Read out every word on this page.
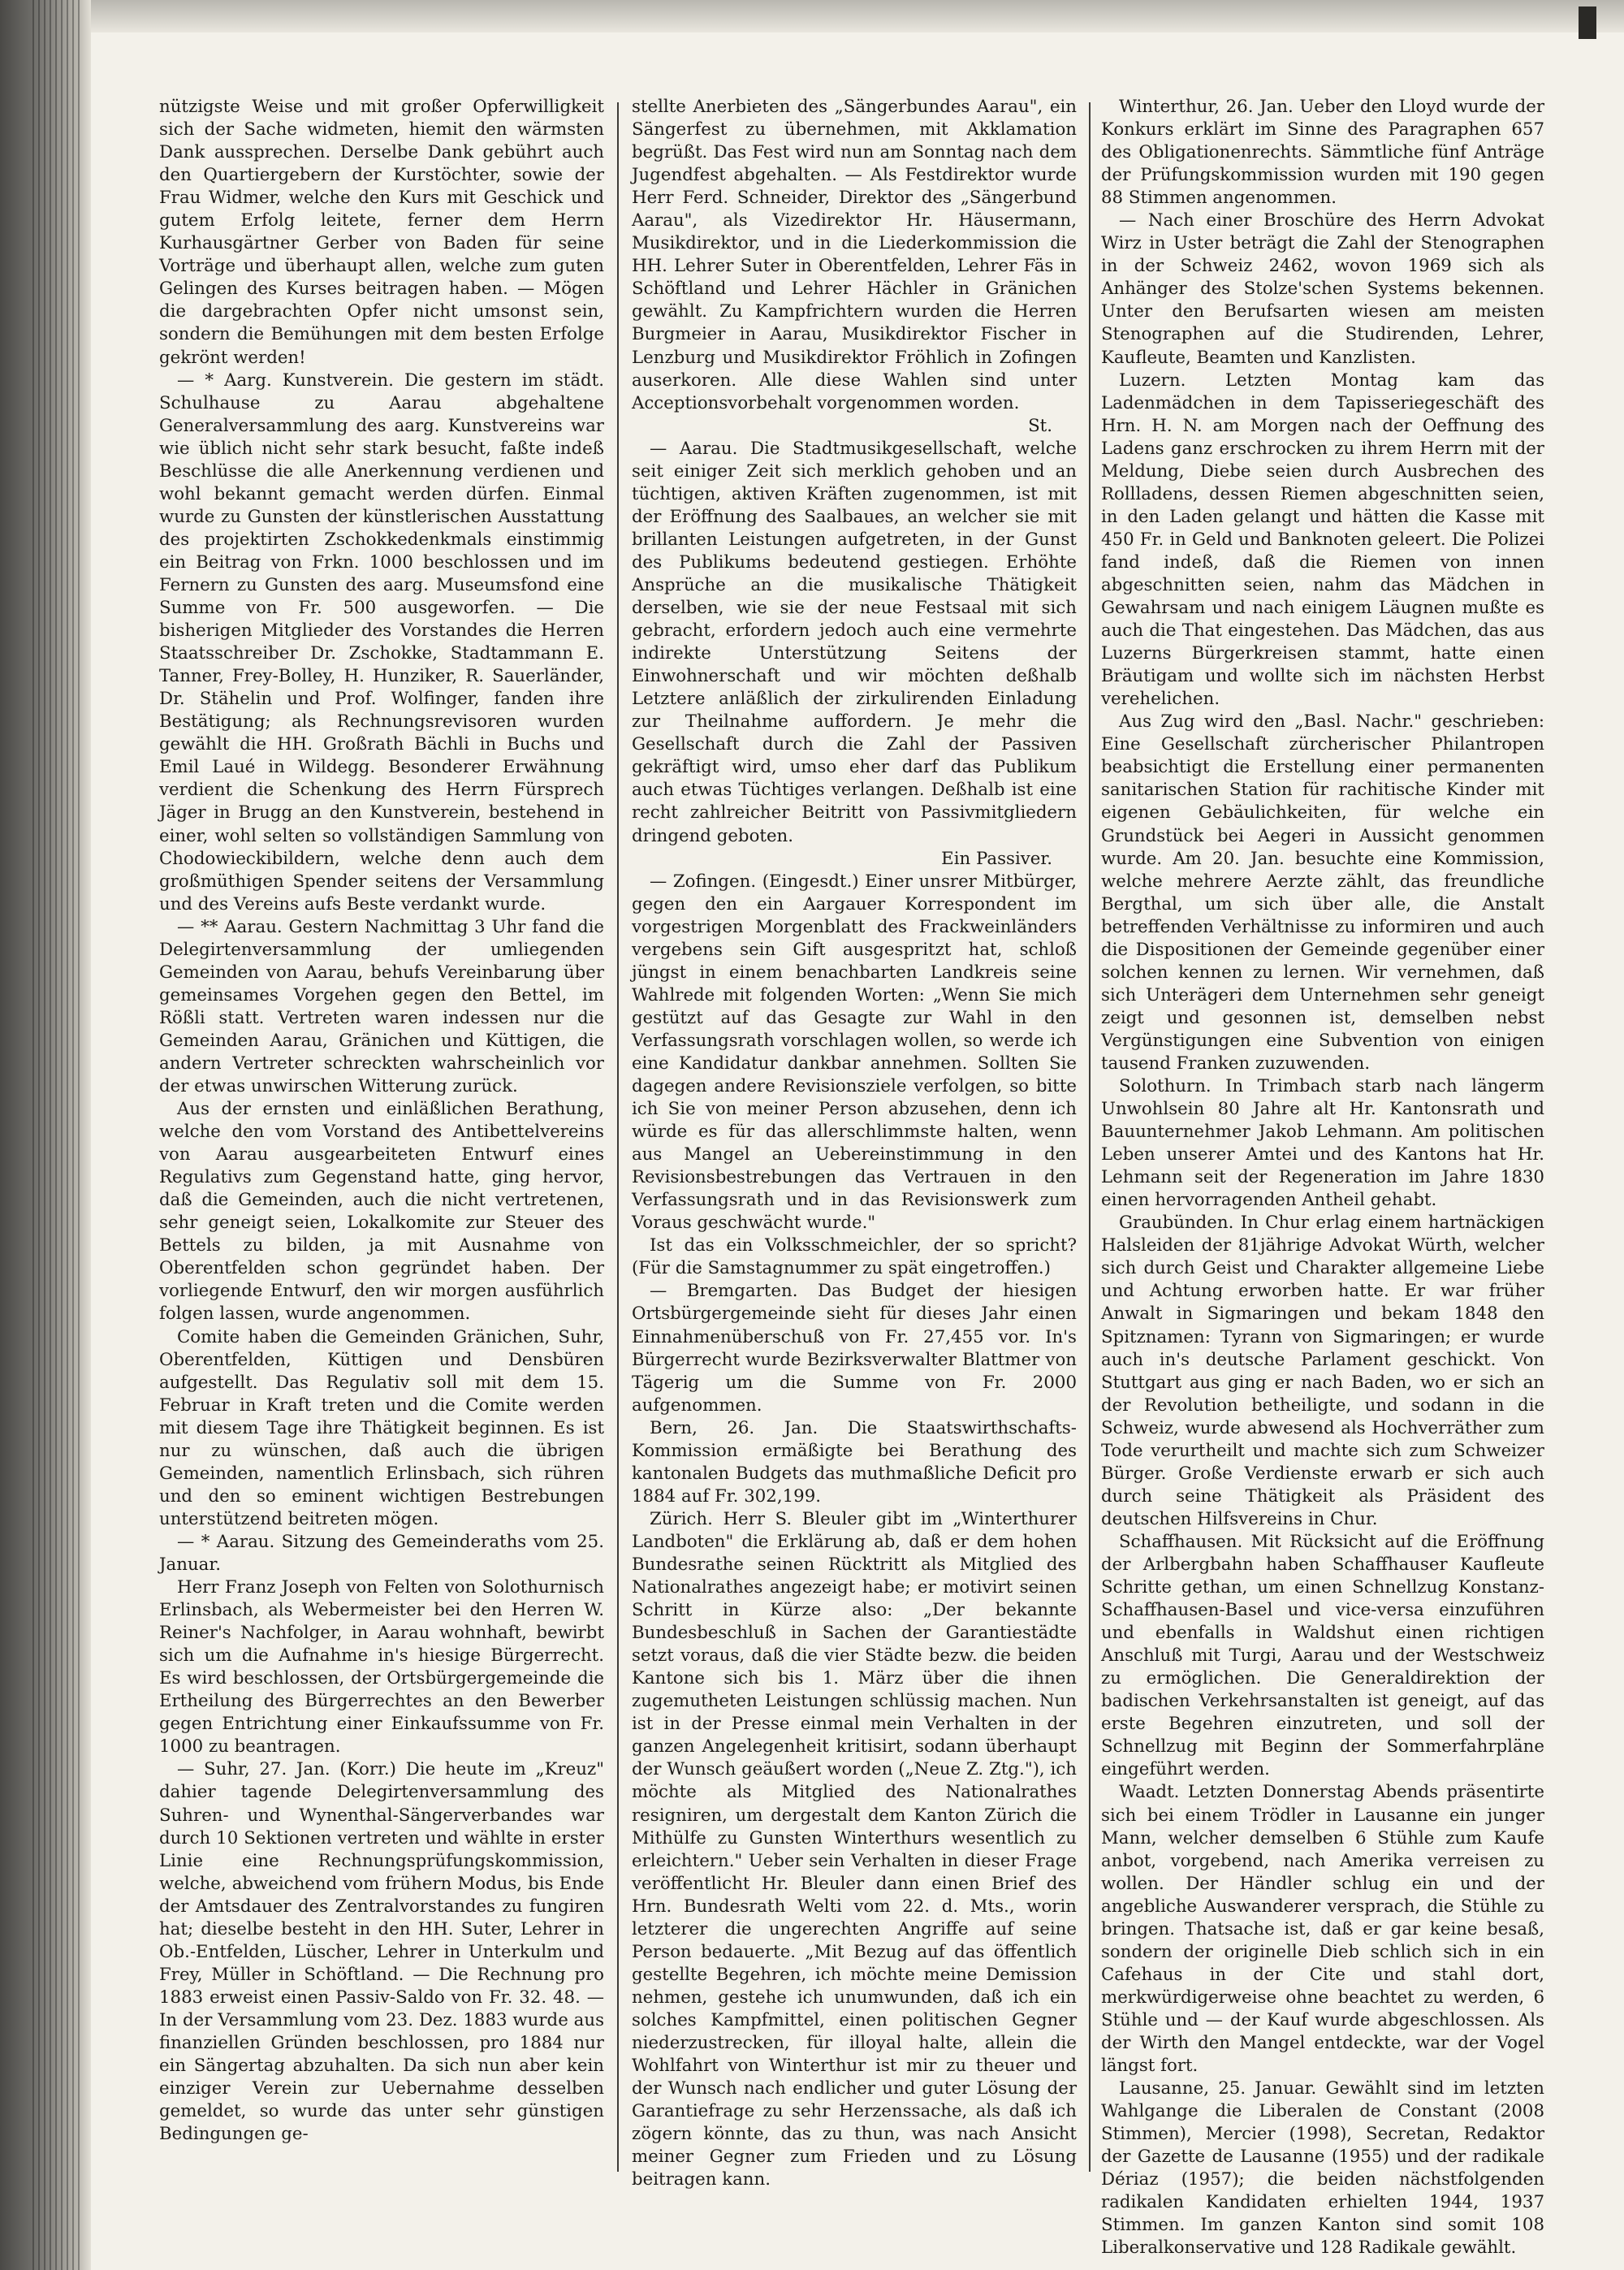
nützigste Weise und mit großer Opferwilligkeit sich der Sache widmeten, hiemit den wärmsten Dank aussprechen. Derselbe Dank gebührt auch den Quartiergebern der Kurstöchter, sowie der Frau Widmer, welche den Kurs mit Geschick und gutem Erfolg leitete, ferner dem Herrn Kurhausgärtner Gerber von Baden für seine Vorträge und überhaupt allen, welche zum guten Gelingen des Kurses beitragen haben. — Mögen die dargebrachten Opfer nicht umsonst sein, sondern die Bemühungen mit dem besten Erfolge gekrönt werden!

— * Aarg. Kunstverein. Die gestern im städt. Schulhause zu Aarau abgehaltene Generalversammlung des aarg. Kunstvereins war wie üblich nicht sehr stark besucht, faßte indeß Beschlüsse die alle Anerkennung verdienen und wohl bekannt gemacht werden dürfen. Einmal wurde zu Gunsten der künstlerischen Ausstattung des projektirten Zschokkedenkmals einstimmig ein Beitrag von Frkn. 1000 beschlossen und im Fernern zu Gunsten des aarg. Museumsfond eine Summe von Fr. 500 ausgeworfen. — Die bisherigen Mitglieder des Vorstandes die Herren Staatsschreiber Dr. Zschokke, Stadtammann E. Tanner, Frey-Bolley, H. Hunziker, R. Sauerländer, Dr. Stähelin und Prof. Wolfinger, fanden ihre Bestätigung; als Rechnungsrevisoren wurden gewählt die HH. Großrath Bächli in Buchs und Emil Laué in Wildegg. Besonderer Erwähnung verdient die Schenkung des Herrn Fürsprech Jäger in Brugg an den Kunstverein, bestehend in einer, wohl selten so vollständigen Sammlung von Chodowieckibildern, welche denn auch dem großmüthigen Spender seitens der Versammlung und des Vereins aufs Beste verdankt wurde.

— ** Aarau. Gestern Nachmittag 3 Uhr fand die Delegirtenversammlung der umliegenden Gemeinden von Aarau, behufs Vereinbarung über gemeinsames Vorgehen gegen den Bettel, im Rößli statt. Vertreten waren indessen nur die Gemeinden Aarau, Gränichen und Küttigen, die andern Vertreter schreckten wahrscheinlich vor der etwas unwirschen Witterung zurück.

Aus der ernsten und einläßlichen Berathung, welche den vom Vorstand des Antibettelvereins von Aarau ausgearbeiteten Entwurf eines Regulativs zum Gegenstand hatte, ging hervor, daß die Gemeinden, auch die nicht vertretenen, sehr geneigt seien, Lokalkomite zur Steuer des Bettels zu bilden, ja mit Ausnahme von Oberentfelden schon gegründet haben. Der vorliegende Entwurf, den wir morgen ausführlich folgen lassen, wurde angenommen.

Comite haben die Gemeinden Gränichen, Suhr, Oberentfelden, Küttigen und Densbüren aufgestellt. Das Regulativ soll mit dem 15. Februar in Kraft treten und die Comite werden mit diesem Tage ihre Thätigkeit beginnen. Es ist nur zu wünschen, daß auch die übrigen Gemeinden, namentlich Erlinsbach, sich rühren und den so eminent wichtigen Bestrebungen unterstützend beitreten mögen.

— * Aarau. Sitzung des Gemeinderaths vom 25. Januar.

Herr Franz Joseph von Felten von Solothurnisch Erlinsbach, als Webermeister bei den Herren W. Reiner's Nachfolger, in Aarau wohnhaft, bewirbt sich um die Aufnahme in's hiesige Bürgerrecht. Es wird beschlossen, der Ortsbürgergemeinde die Ertheilung des Bürgerrechtes an den Bewerber gegen Entrichtung einer Einkaufssumme von Fr. 1000 zu beantragen.

— Suhr, 27. Jan. (Korr.) Die heute im „Kreuz" dahier tagende Delegirtenversammlung des Suhren- und Wynenthal-Sängerverbandes war durch 10 Sektionen vertreten und wählte in erster Linie eine Rechnungsprüfungskommission, welche, abweichend vom frühern Modus, bis Ende der Amtsdauer des Zentralvorstandes zu fungiren hat; dieselbe besteht in den HH. Suter, Lehrer in Ob.-Entfelden, Lüscher, Lehrer in Unterkulm und Frey, Müller in Schöftland. — Die Rechnung pro 1883 erweist einen Passiv-Saldo von Fr. 32. 48. — In der Versammlung vom 23. Dez. 1883 wurde aus finanziellen Gründen beschlossen, pro 1884 nur ein Sängertag abzuhalten. Da sich nun aber kein einziger Verein zur Uebernahme desselben gemeldet, so wurde das unter sehr günstigen Bedingungen ge-

stellte Anerbieten des „Sängerbundes Aarau", ein Sängerfest zu übernehmen, mit Akklamation begrüßt. Das Fest wird nun am Sonntag nach dem Jugendfest abgehalten. — Als Festdirektor wurde Herr Ferd. Schneider, Direktor des „Sängerbund Aarau", als Vizedirektor Hr. Häusermann, Musikdirektor, und in die Liederkommission die HH. Lehrer Suter in Oberentfelden, Lehrer Fäs in Schöftland und Lehrer Hächler in Gränichen gewählt. Zu Kampfrichtern wurden die Herren Burgmeier in Aarau, Musikdirektor Fischer in Lenzburg und Musikdirektor Fröhlich in Zofingen auserkoren. Alle diese Wahlen sind unter Acceptionsvorbehalt vorgenommen worden.

St.

— Aarau. Die Stadtmusikgesellschaft, welche seit einiger Zeit sich merklich gehoben und an tüchtigen, aktiven Kräften zugenommen, ist mit der Eröffnung des Saalbaues, an welcher sie mit brillanten Leistungen aufgetreten, in der Gunst des Publikums bedeutend gestiegen. Erhöhte Ansprüche an die musikalische Thätigkeit derselben, wie sie der neue Festsaal mit sich gebracht, erfordern jedoch auch eine vermehrte indirekte Unterstützung Seitens der Einwohnerschaft und wir möchten deßhalb Letztere anläßlich der zirkulirenden Einladung zur Theilnahme auffordern. Je mehr die Gesellschaft durch die Zahl der Passiven gekräftigt wird, umso eher darf das Publikum auch etwas Tüchtiges verlangen. Deßhalb ist eine recht zahlreicher Beitritt von Passivmitgliedern dringend geboten.

Ein Passiver.

— Zofingen. (Eingesdt.) Einer unsrer Mitbürger, gegen den ein Aargauer Korrespondent im vorgestrigen Morgenblatt des Frackweinländers vergebens sein Gift ausgespritzt hat, schloß jüngst in einem benachbarten Landkreis seine Wahlrede mit folgenden Worten: „Wenn Sie mich gestützt auf das Gesagte zur Wahl in den Verfassungsrath vorschlagen wollen, so werde ich eine Kandidatur dankbar annehmen. Sollten Sie dagegen andere Revisionsziele verfolgen, so bitte ich Sie von meiner Person abzusehen, denn ich würde es für das allerschlimmste halten, wenn aus Mangel an Uebereinstimmung in den Revisionsbestrebungen das Vertrauen in den Verfassungsrath und in das Revisionswerk zum Voraus geschwächt wurde."

Ist das ein Volksschmeichler, der so spricht? (Für die Samstagnummer zu spät eingetroffen.)

— Bremgarten. Das Budget der hiesigen Ortsbürgergemeinde sieht für dieses Jahr einen Einnahmenüberschuß von Fr. 27,455 vor. In's Bürgerrecht wurde Bezirksverwalter Blattmer von Tägerig um die Summe von Fr. 2000 aufgenommen.

Bern, 26. Jan. Die Staatswirthschafts-Kommission ermäßigte bei Berathung des kantonalen Budgets das muthmaßliche Deficit pro 1884 auf Fr. 302,199.

Zürich. Herr S. Bleuler gibt im „Winterthurer Landboten" die Erklärung ab, daß er dem hohen Bundesrathe seinen Rücktritt als Mitglied des Nationalrathes angezeigt habe; er motivirt seinen Schritt in Kürze also: „Der bekannte Bundesbeschluß in Sachen der Garantiestädte setzt voraus, daß die vier Städte bezw. die beiden Kantone sich bis 1. März über die ihnen zugemutheten Leistungen schlüssig machen. Nun ist in der Presse einmal mein Verhalten in der ganzen Angelegenheit kritisirt, sodann überhaupt der Wunsch geäußert worden („Neue Z. Ztg."), ich möchte als Mitglied des Nationalrathes resigniren, um dergestalt dem Kanton Zürich die Mithülfe zu Gunsten Winterthurs wesentlich zu erleichtern." Ueber sein Verhalten in dieser Frage veröffentlicht Hr. Bleuler dann einen Brief des Hrn. Bundesrath Welti vom 22. d. Mts., worin letzterer die ungerechten Angriffe auf seine Person bedauerte. „Mit Bezug auf das öffentlich gestellte Begehren, ich möchte meine Demission nehmen, gestehe ich unumwunden, daß ich ein solches Kampfmittel, einen politischen Gegner niederzustrecken, für illoyal halte, allein die Wohlfahrt von Winterthur ist mir zu theuer und der Wunsch nach endlicher und guter Lösung der Garantiefrage zu sehr Herzenssache, als daß ich zögern könnte, das zu thun, was nach Ansicht meiner Gegner zum Frieden und zu Lösung beitragen kann.

Winterthur, 26. Jan. Ueber den Lloyd wurde der Konkurs erklärt im Sinne des Paragraphen 657 des Obligationenrechts. Sämmtliche fünf Anträge der Prüfungskommission wurden mit 190 gegen 88 Stimmen angenommen.

— Nach einer Broschüre des Herrn Advokat Wirz in Uster beträgt die Zahl der Stenographen in der Schweiz 2462, wovon 1969 sich als Anhänger des Stolze'schen Systems bekennen. Unter den Berufsarten wiesen am meisten Stenographen auf die Studirenden, Lehrer, Kaufleute, Beamten und Kanzlisten.

Luzern. Letzten Montag kam das Ladenmädchen in dem Tapisseriegeschäft des Hrn. H. N. am Morgen nach der Oeffnung des Ladens ganz erschrocken zu ihrem Herrn mit der Meldung, Diebe seien durch Ausbrechen des Rollladens, dessen Riemen abgeschnitten seien, in den Laden gelangt und hätten die Kasse mit 450 Fr. in Geld und Banknoten geleert. Die Polizei fand indeß, daß die Riemen von innen abgeschnitten seien, nahm das Mädchen in Gewahrsam und nach einigem Läugnen mußte es auch die That eingestehen. Das Mädchen, das aus Luzerns Bürgerkreisen stammt, hatte einen Bräutigam und wollte sich im nächsten Herbst verehelichen.

Aus Zug wird den „Basl. Nachr." geschrieben: Eine Gesellschaft zürcherischer Philantropen beabsichtigt die Erstellung einer permanenten sanitarischen Station für rachitische Kinder mit eigenen Gebäulichkeiten, für welche ein Grundstück bei Aegeri in Aussicht genommen wurde. Am 20. Jan. besuchte eine Kommission, welche mehrere Aerzte zählt, das freundliche Bergthal, um sich über alle, die Anstalt betreffenden Verhältnisse zu informiren und auch die Dispositionen der Gemeinde gegenüber einer solchen kennen zu lernen. Wir vernehmen, daß sich Unterägeri dem Unternehmen sehr geneigt zeigt und gesonnen ist, demselben nebst Vergünstigungen eine Subvention von einigen tausend Franken zuzuwenden.

Solothurn. In Trimbach starb nach längerm Unwohlsein 80 Jahre alt Hr. Kantonsrath und Bauunternehmer Jakob Lehmann. Am politischen Leben unserer Amtei und des Kantons hat Hr. Lehmann seit der Regeneration im Jahre 1830 einen hervorragenden Antheil gehabt.

Graubünden. In Chur erlag einem hartnäckigen Halsleiden der 81jährige Advokat Würth, welcher sich durch Geist und Charakter allgemeine Liebe und Achtung erworben hatte. Er war früher Anwalt in Sigmaringen und bekam 1848 den Spitznamen: Tyrann von Sigmaringen; er wurde auch in's deutsche Parlament geschickt. Von Stuttgart aus ging er nach Baden, wo er sich an der Revolution betheiligte, und sodann in die Schweiz, wurde abwesend als Hochverräther zum Tode verurtheilt und machte sich zum Schweizer Bürger. Große Verdienste erwarb er sich auch durch seine Thätigkeit als Präsident des deutschen Hilfsvereins in Chur.

Schaffhausen. Mit Rücksicht auf die Eröffnung der Arlbergbahn haben Schaffhauser Kaufleute Schritte gethan, um einen Schnellzug Konstanz-Schaffhausen-Basel und vice-versa einzuführen und ebenfalls in Waldshut einen richtigen Anschluß mit Turgi, Aarau und der Westschweiz zu ermöglichen. Die Generaldirektion der badischen Verkehrsanstalten ist geneigt, auf das erste Begehren einzutreten, und soll der Schnellzug mit Beginn der Sommerfahrpläne eingeführt werden.

Waadt. Letzten Donnerstag Abends präsentirte sich bei einem Trödler in Lausanne ein junger Mann, welcher demselben 6 Stühle zum Kaufe anbot, vorgebend, nach Amerika verreisen zu wollen. Der Händler schlug ein und der angebliche Auswanderer versprach, die Stühle zu bringen. Thatsache ist, daß er gar keine besaß, sondern der originelle Dieb schlich sich in ein Cafehaus in der Cite und stahl dort, merkwürdigerweise ohne beachtet zu werden, 6 Stühle und — der Kauf wurde abgeschlossen. Als der Wirth den Mangel entdeckte, war der Vogel längst fort.

Lausanne, 25. Januar. Gewählt sind im letzten Wahlgange die Liberalen de Constant (2008 Stimmen), Mercier (1998), Secretan, Redaktor der Gazette de Lausanne (1955) und der radikale Dériaz (1957); die beiden nächstfolgenden radikalen Kandidaten erhielten 1944, 1937 Stimmen. Im ganzen Kanton sind somit 108 Liberalkonservative und 128 Radikale gewählt.
